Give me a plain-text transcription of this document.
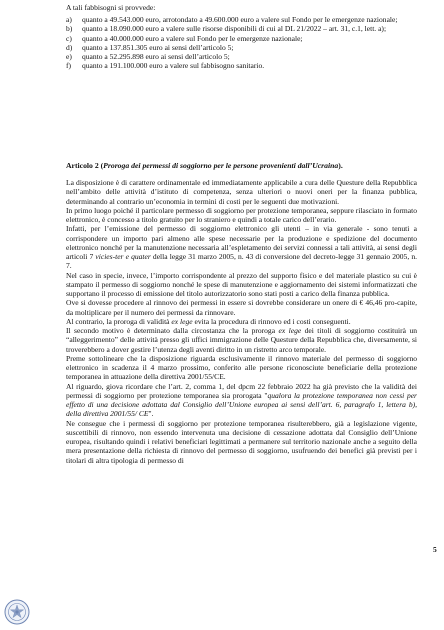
A tali fabbisogni si provvede:
a) quanto a 49.543.000 euro, arrotondato a 49.600.000 euro a valere sul Fondo per le emergenze nazionale;
b) quanto a 18.090.000 euro a valere sulle risorse disponibili di cui al DL 21/2022 – art. 31, c.1, lett. a);
c) quanto a 40.000.000 euro a valere sul Fondo per le emergenze nazionale;
d) quanto a 137.851.305 euro ai sensi dell’articolo 5;
e) quanto a 52.295.898 euro ai sensi dell’articolo 5;
f) quanto a 191.100.000 euro a valere sul fabbisogno sanitario.
Articolo 2 (Proroga dei permessi di soggiorno per le persone provenienti dall’Ucraina).

La disposizione è di carattere ordinamentale ed immediatamente applicabile a cura delle Questure della Repubblica nell’ambito delle attività d’istituto di competenza, senza ulteriori o nuovi oneri per la finanza pubblica, determinando al contrario un’economia in termini di costi per le seguenti due motivazioni.

In primo luogo poiché il particolare permesso di soggiorno per protezione temporanea, seppure rilasciato in formato elettronico, è concesso a titolo gratuito per lo straniero e quindi a totale carico dell’erario.

Infatti, per l’emissione del permesso di soggiorno elettronico gli utenti – in via generale - sono tenuti a corrispondere un importo pari almeno alle spese necessarie per la produzione e spedizione del documento elettronico nonché per la manutenzione necessaria all’espletamento dei servizi connessi a tali attività, ai sensi degli articoli 7 vicies-ter e quater della legge 31 marzo 2005, n. 43 di conversione del decreto-legge 31 gennaio 2005, n. 7.

Nel caso in specie, invece, l’importo corrispondente al prezzo del supporto fisico e del materiale plastico su cui è stampato il permesso di soggiorno nonché le spese di manutenzione e aggiornamento dei sistemi informatizzati che supportano il processo di emissione del titolo autorizzatorio sono stati posti a carico della finanza pubblica.

Ove si dovesse procedere al rinnovo dei permessi in essere si dovrebbe considerare un onere di € 46,46 pro-capite, da moltiplicare per il numero dei permessi da rinnovare.

Al contrario, la proroga di validità ex lege evita la procedura di rinnovo ed i costi conseguenti.

Il secondo motivo è determinato dalla circostanza che la proroga ex lege dei titoli di soggiorno costituirà un “alleggerimento” delle attività presso gli uffici immigrazione delle Questure della Repubblica che, diversamente, si troverebbero a dover gestire l’utenza degli aventi diritto in un ristretto arco temporale.

Preme sottolineare che la disposizione riguarda esclusivamente il rinnovo materiale del permesso di soggiorno elettronico in scadenza il 4 marzo prossimo, conferito alle persone riconosciute beneficiarie della protezione temporanea in attuazione della direttiva 2001/55/CE.

Al riguardo, giova ricordare che l’art. 2, comma 1, del dpcm 22 febbraio 2022 ha già previsto che la validità dei permessi di soggiorno per protezione temporanea sia prorogata "qualora la protezione temporanea non cessi per effetto di una decisione adottata dal Consiglio dell’Unione europea ai sensi dell’art. 6, paragrafo 1, lettera b), della direttiva 2001/55/ CE".

Ne consegue che i permessi di soggiorno per protezione temporanea risulterebbero, già a legislazione vigente, suscettibili di rinnovo, non essendo intervenuta una decisione di cessazione adottata dal Consiglio dell’Unione europea, risultando quindi i relativi beneficiari legittimati a permanere sul territorio nazionale anche a seguito della mera presentazione della richiesta di rinnovo del permesso di soggiorno, usufruendo dei benefici già previsti per i titolari di altra tipologia di permesso di

5
